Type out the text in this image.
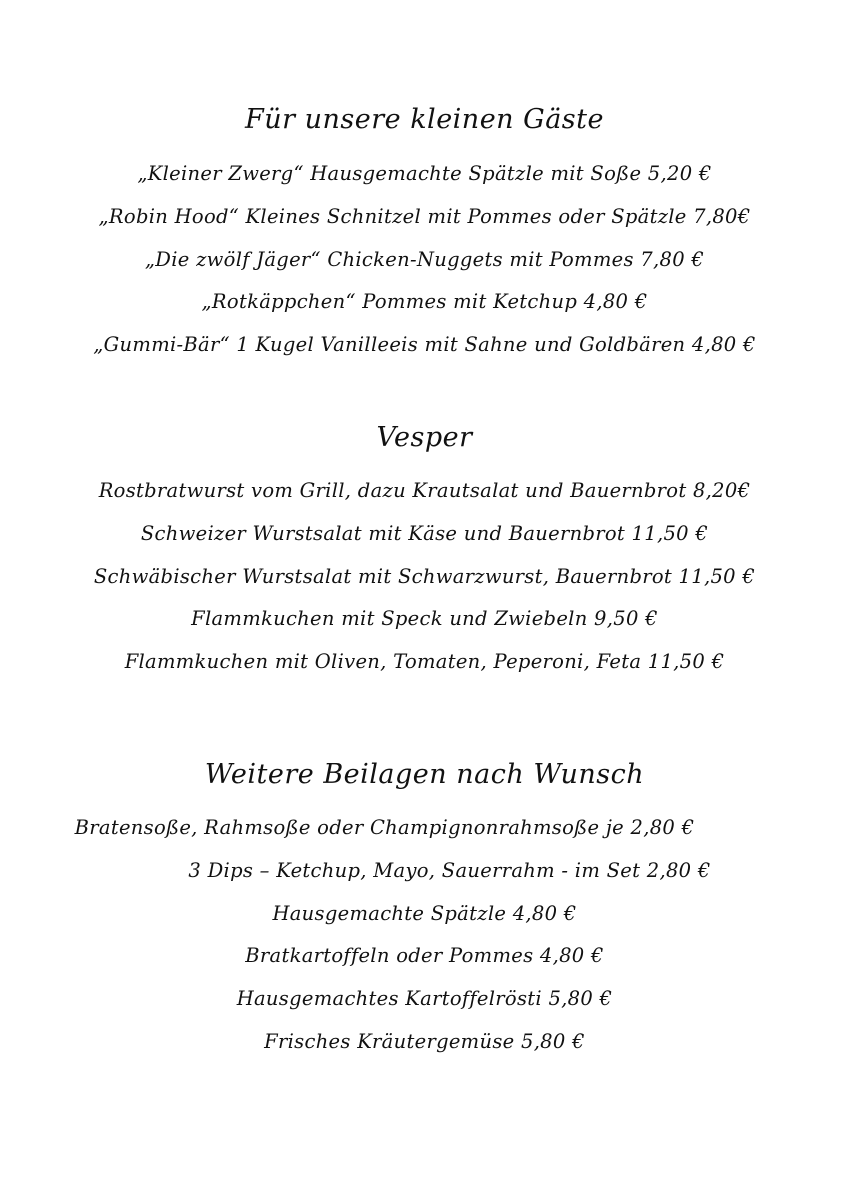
Für unsere kleinen Gäste
„Kleiner Zwerg“ Hausgemachte Spätzle mit Soße 5,20 €
„Robin Hood“ Kleines Schnitzel mit Pommes oder Spätzle 7,80€
„Die zwölf Jäger“ Chicken-Nuggets mit Pommes 7,80 €
„Rotkäppchen“ Pommes mit Ketchup 4,80 €
„Gummi-Bär“ 1 Kugel Vanilleeis mit Sahne und Goldbären 4,80 €
Vesper
Rostbratwurst vom Grill, dazu Krautsalat und Bauernbrot 8,20€
Schweizer Wurstsalat mit Käse und Bauernbrot 11,50 €
Schwäbischer Wurstsalat mit Schwarzwurst, Bauernbrot 11,50 €
Flammkuchen mit Speck und Zwiebeln 9,50 €
Flammkuchen mit Oliven, Tomaten, Peperoni, Feta 11,50 €
Weitere Beilagen nach Wunsch
Bratensoße, Rahmsoße oder Champignonrahmsoße je 2,80 €
3 Dips – Ketchup, Mayo, Sauerrahm - im Set 2,80 €
Hausgemachte Spätzle 4,80 €
Bratkartoffeln oder Pommes 4,80 €
Hausgemachtes Kartoffelrösti 5,80 €
Frisches Kräutergemüse 5,80 €
